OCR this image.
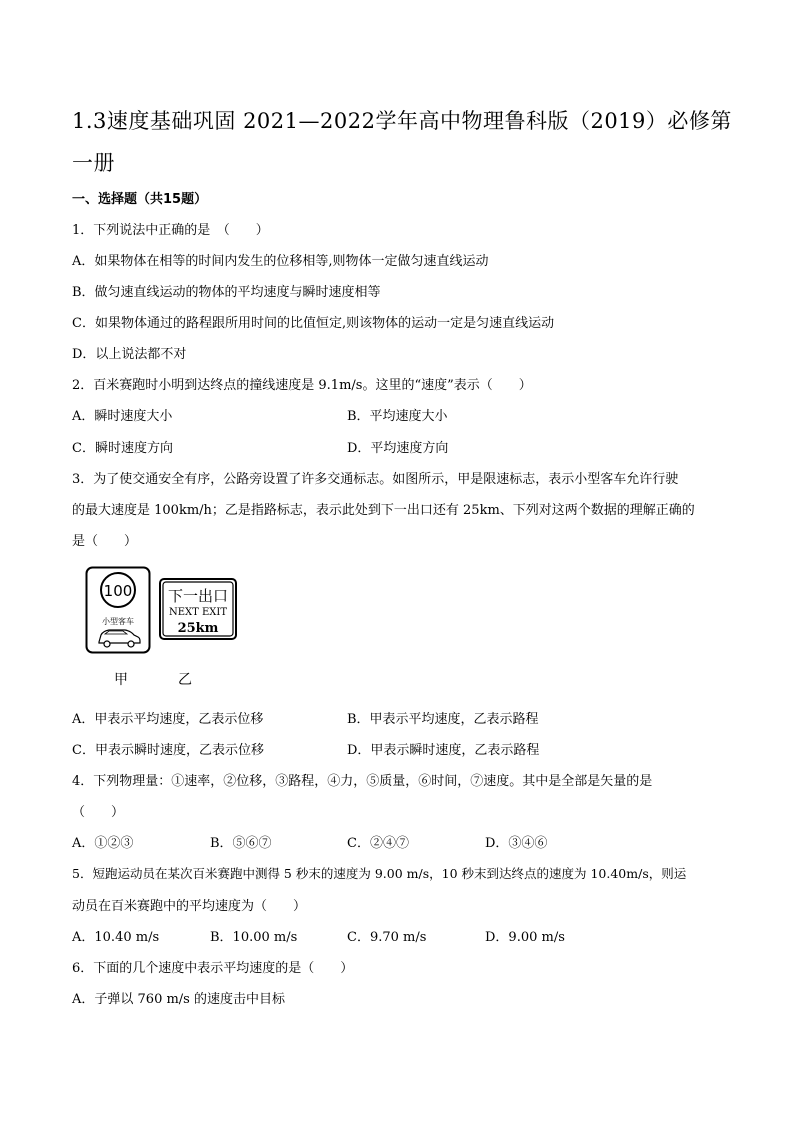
1.3速度基础巩固 2021—2022学年高中物理鲁科版（2019）必修第一册
一、选择题（共15题）
1．下列说法中正确的是　（　　）
A．如果物体在相等的时间内发生的位移相等,则物体一定做匀速直线运动
B．做匀速直线运动的物体的平均速度与瞬时速度相等
C．如果物体通过的路程跟所用时间的比值恒定,则该物体的运动一定是匀速直线运动
D．以上说法都不对
2．百米赛跑时小明到达终点的撞线速度是 9.1m/s。这里的“速度”表示（　　）
A．瞬时速度大小	B．平均速度大小
C．瞬时速度方向	D．平均速度方向
3．为了使交通安全有序，公路旁设置了许多交通标志。如图所示，甲是限速标志，表示小型客车允许行驶
的最大速度是 100km/h；乙是指路标志，表示此处到下一出口还有 25km、下列对这两个数据的理解正确的
是（　　）
100
小型客车
下一出口
NEXT EXIT
25km
甲	乙
A．甲表示平均速度，乙表示位移	B．甲表示平均速度，乙表示路程
C．甲表示瞬时速度，乙表示位移	D．甲表示瞬时速度，乙表示路程
4．下列物理量：①速率，②位移，③路程，④力，⑤质量，⑥时间，⑦速度。其中是全部是矢量的是
（　　）
A．①②③	B．⑤⑥⑦	C．②④⑦	D．③④⑥
5．短跑运动员在某次百米赛跑中测得 5 秒末的速度为 9.00 m/s，10 秒末到达终点的速度为 10.40m/s，则运
动员在百米赛跑中的平均速度为（　　）
A．10.40 m/s	B．10.00 m/s	C．9.70 m/s	D．9.00 m/s
6．下面的几个速度中表示平均速度的是（　　）
A．子弹以 760 m/s 的速度击中目标
